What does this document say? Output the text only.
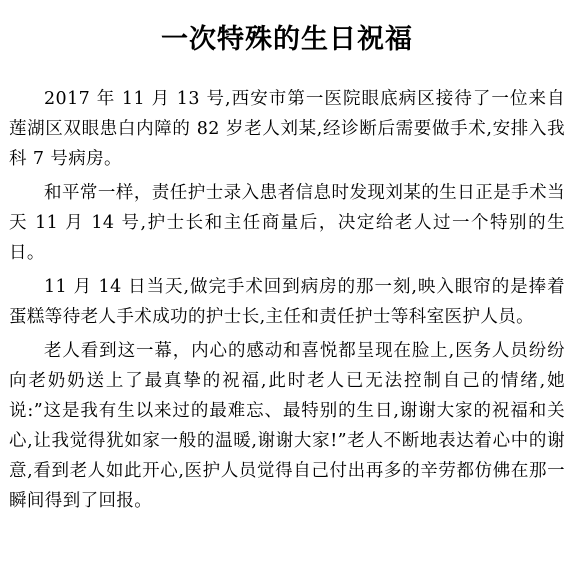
一次特殊的生日祝福

2017 年 11 月 13 号,西安市第一医院眼底病区接待了一位来自莲湖区双眼患白内障的 82 岁老人刘某,经诊断后需要做手术,安排入我科 7 号病房。

和平常一样，责任护士录入患者信息时发现刘某的生日正是手术当天 11 月 14 号,护士长和主任商量后，决定给老人过一个特别的生日。

11 月 14 日当天,做完手术回到病房的那一刻,映入眼帘的是捧着蛋糕等待老人手术成功的护士长,主任和责任护士等科室医护人员。

老人看到这一幕，内心的感动和喜悦都呈现在脸上,医务人员纷纷向老奶奶送上了最真挚的祝福,此时老人已无法控制自己的情绪,她说:”这是我有生以来过的最难忘、最特别的生日,谢谢大家的祝福和关心,让我觉得犹如家一般的温暖,谢谢大家!”老人不断地表达着心中的谢意,看到老人如此开心,医护人员觉得自己付出再多的辛劳都仿佛在那一瞬间得到了回报。
